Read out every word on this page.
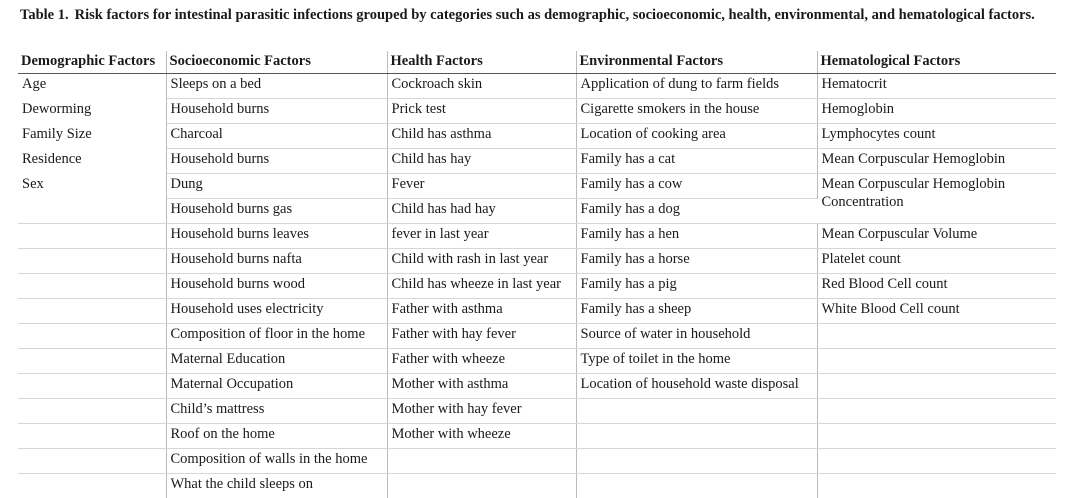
Table 1. Risk factors for intestinal parasitic infections grouped by categories such as demographic, socioeconomic, health, environmental, and hematological factors.
Demographic Factors	Socioeconomic Factors	Health Factors	Environmental Factors	Hematological Factors
Age	Sleeps on a bed	Cockroach skin	Application of dung to farm fields	Hematocrit
Deworming	Household burns	Prick test	Cigarette smokers in the house	Hemoglobin
Family Size	Charcoal	Child has asthma	Location of cooking area	Lymphocytes count
Residence	Household burns	Child has hay	Family has a cat	Mean Corpuscular Hemoglobin
Sex	Dung	Fever	Family has a cow	Mean Corpuscular Hemoglobin Concentration
	Household burns gas	Child has had hay	Family has a dog	
	Household burns leaves	fever in last year	Family has a hen	Mean Corpuscular Volume
	Household burns nafta	Child with rash in last year	Family has a horse	Platelet count
	Household burns wood	Child has wheeze in last year	Family has a pig	Red Blood Cell count
	Household uses electricity	Father with asthma	Family has a sheep	White Blood Cell count
	Composition of floor in the home	Father with hay fever	Source of water in household	
	Maternal Education	Father with wheeze	Type of toilet in the home	
	Maternal Occupation	Mother with asthma	Location of household waste disposal	
	Child’s mattress	Mother with hay fever		
	Roof on the home	Mother with wheeze		
	Composition of walls in the home			
	What the child sleeps on			
